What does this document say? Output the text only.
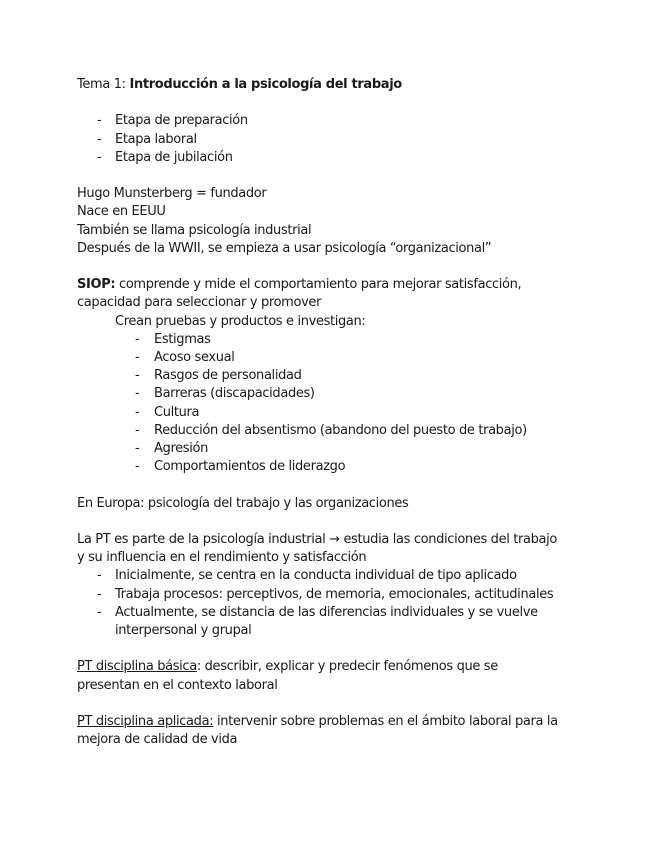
Tema 1: Introducción a la psicología del trabajo
- Etapa de preparación
- Etapa laboral
- Etapa de jubilación
Hugo Munsterberg = fundador
Nace en EEUU
También se llama psicología industrial
Después de la WWII, se empieza a usar psicología “organizacional”
SIOP: comprende y mide el comportamiento para mejorar satisfacción,
capacidad para seleccionar y promover
Crean pruebas y productos e investigan:
- Estigmas
- Acoso sexual
- Rasgos de personalidad
- Barreras (discapacidades)
- Cultura
- Reducción del absentismo (abandono del puesto de trabajo)
- Agresión
- Comportamientos de liderazgo
En Europa: psicología del trabajo y las organizaciones
La PT es parte de la psicología industrial → estudia las condiciones del trabajo
y su influencia en el rendimiento y satisfacción
- Inicialmente, se centra en la conducta individual de tipo aplicado
- Trabaja procesos: perceptivos, de memoria, emocionales, actitudinales
- Actualmente, se distancia de las diferencias individuales y se vuelve
interpersonal y grupal
PT disciplina básica: describir, explicar y predecir fenómenos que se
presentan en el contexto laboral
PT disciplina aplicada: intervenir sobre problemas en el ámbito laboral para la
mejora de calidad de vida
